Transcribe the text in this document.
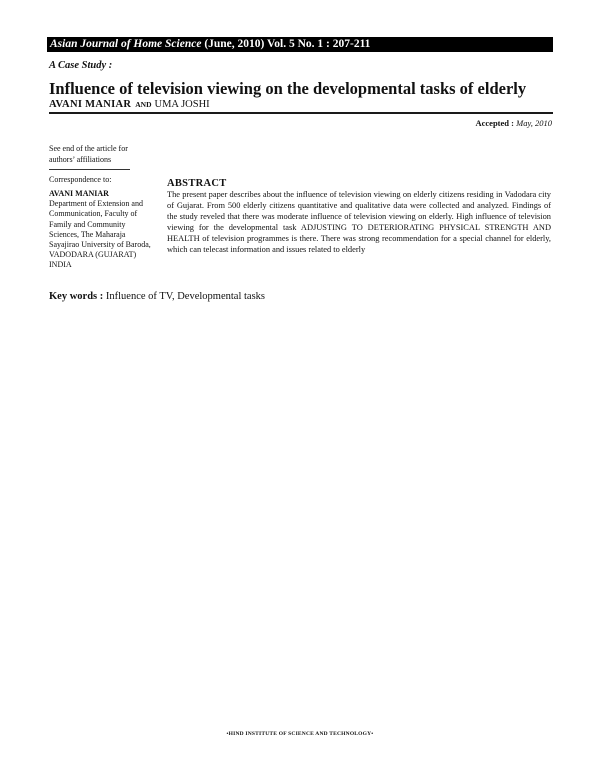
Asian Journal of Home Science (June, 2010) Vol. 5 No. 1 : 207-211
A Case Study :
Influence of television viewing on the developmental tasks of elderly
AVANI MANIAR AND UMA JOSHI
Accepted : May, 2010
See end of the article for authors’ affiliations
Correspondence to:
AVANI MANIAR
Department of Extension and Communication, Faculty of Family and Community Sciences, The Maharaja Sayajirao University of Baroda, VADODARA (GUJARAT) INDIA
ABSTRACT
The present paper describes about the influence of television viewing on elderly citizens residing in Vadodara city of Gujarat. From 500 elderly citizens quantitative and qualitative data were collected and analyzed. Findings of the study reveled that there was moderate influence of television viewing on elderly. High influence of television viewing for the developmental task ADJUSTING TO DETERIORATING PHYSICAL STRENGTH AND HEALTH of television programmes is there. There was strong recommendation for a special channel for elderly, which can telecast information and issues related to elderly
Key words : Influence of TV, Developmental tasks
•HIND INSTITUTE OF SCIENCE AND TECHNOLOGY•
